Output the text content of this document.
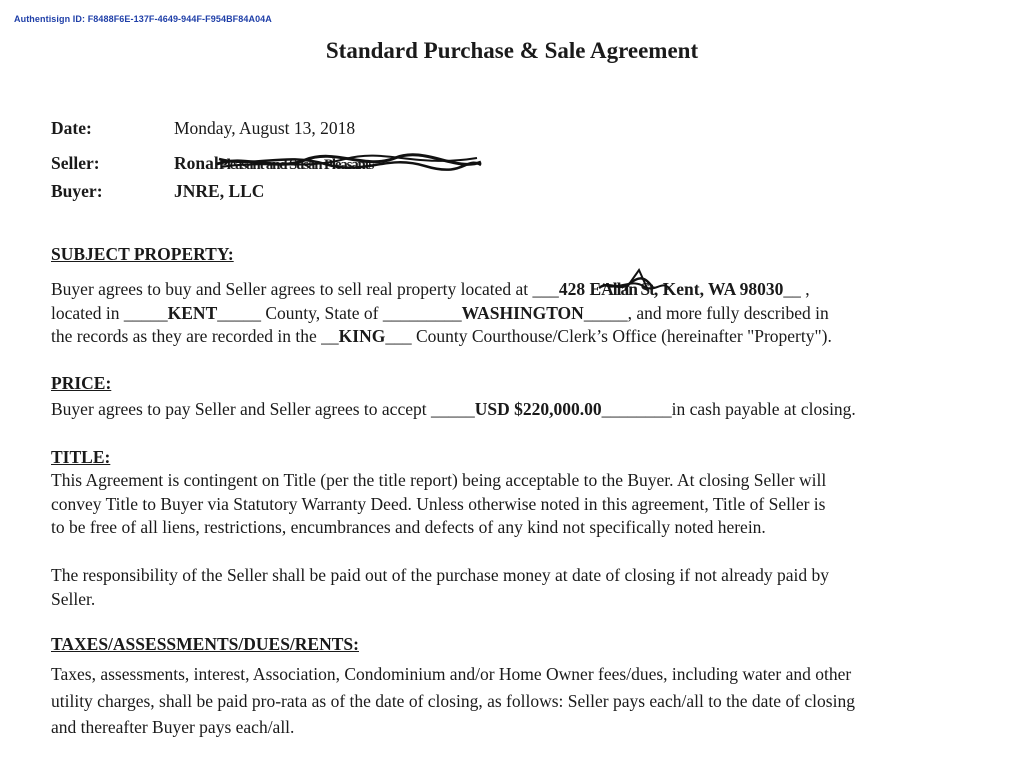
Authentisign ID: F8488F6E-137F-4649-944F-F954BF84A04A
Standard Purchase & Sale Agreement
Date:	Monday, August 13, 2018
Seller:	RonalPleasant and Susan Pleasants
Buyer:	JNRE, LLC
SUBJECT PROPERTY:
Buyer agrees to buy and Seller agrees to sell real property located at ___428 EAllan St
, Kent, WA 98030__ ,
located in _____KENT_____ County, State of _________WASHINGTON_____, and more fully described in
the records as they are recorded in the __KING___ County Courthouse/Clerk’s Office (hereinafter "Property").
PRICE:
Buyer agrees to pay Seller and Seller agrees to accept _____USD $220,000.00________in cash payable at closing.
TITLE:
This Agreement is contingent on Title (per the title report) being acceptable to the Buyer. At closing Seller will
convey Title to Buyer via Statutory Warranty Deed. Unless otherwise noted in this agreement, Title of Seller is
to be free of all liens, restrictions, encumbrances and defects of any kind not specifically noted herein.
The responsibility of the Seller shall be paid out of the purchase money at date of closing if not already paid by
Seller.
TAXES/ASSESSMENTS/DUES/RENTS:
Taxes, assessments, interest, Association, Condominium and/or Home Owner fees/dues, including water and other
utility charges, shall be paid pro-rata as of the date of closing, as follows: Seller pays each/all to the date of closing
and thereafter Buyer pays each/all.
